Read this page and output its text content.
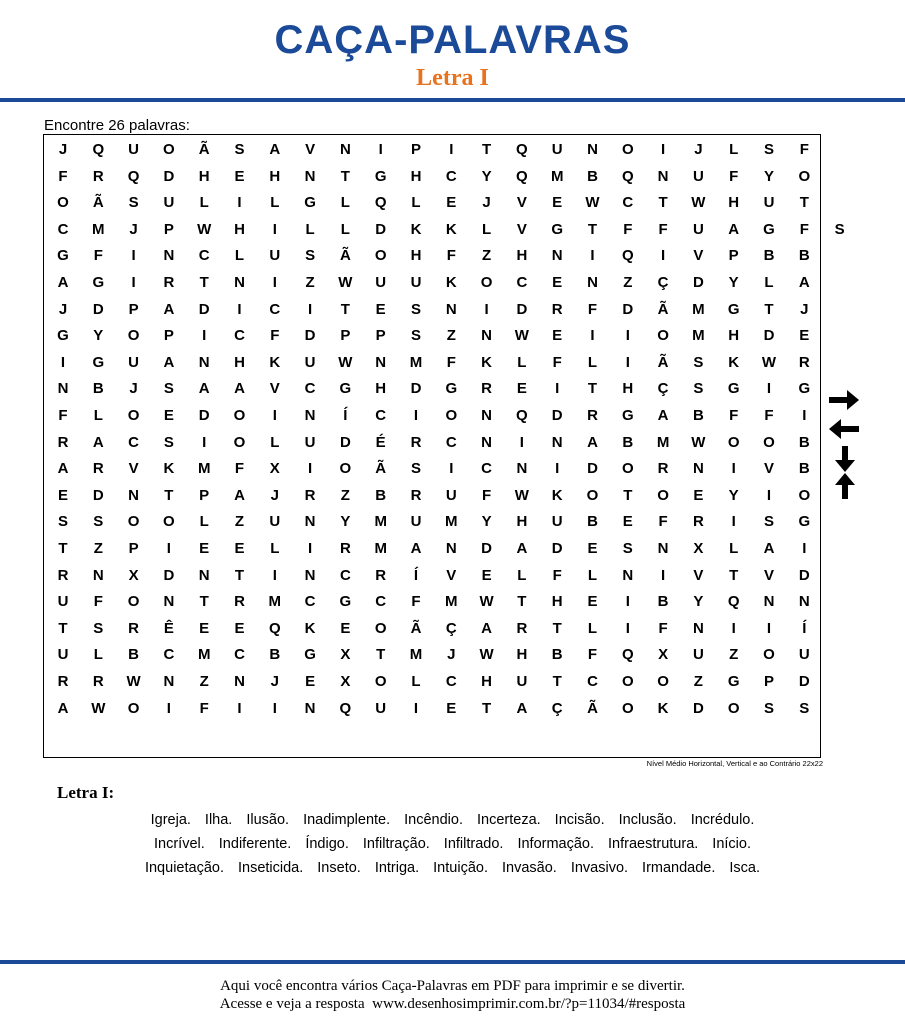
CAÇA-PALAVRAS
Letra I
Encontre 26 palavras:
J	Q	U	O	Ã	S	A	V	N	I	P	I	T	Q	U	N	O	I	J	L	S	F
F	R	Q	D	H	E	H	N	T	G	H	C	Y	Q	M	B	Q	N	U	F	Y	O
O	Ã	S	U	L	I	L	G	L	Q	L	E	J	V	E	W	C	T	W	H	U	T
C	M	J	P	W	H	I	L	L	D	K	K	L	V	G	T	F	F	U	A	G	F	S
G	F	I	N	C	L	U	S	Ã	O	H	F	Z	H	N	I	Q	I	V	P	B	B
A	G	I	R	T	N	I	Z	W	U	U	K	O	C	E	N	Z	Ç	D	Y	L	A
J	D	P	A	D	I	C	I	T	E	S	N	I	D	R	F	D	Ã	M	G	T	J
G	Y	O	P	I	C	F	D	P	P	S	Z	N	W	E	I	I	O	M	H	D	E
I	G	U	A	N	H	K	U	W	N	M	F	K	L	F	L	I	Ã	S	K	W	R
N	B	J	S	A	A	V	C	G	H	D	G	R	E	I	T	H	Ç	S	G	I	G
F	L	O	E	D	O	I	N	Í	C	I	O	N	Q	D	R	G	A	B	F	F	I
R	A	C	S	I	O	L	U	D	É	R	C	N	I	N	A	B	M	W	O	O	B
A	R	V	K	M	F	X	I	O	Ã	S	I	C	N	I	D	O	R	N	I	V	B
E	D	N	T	P	A	J	R	Z	B	R	U	F	W	K	O	T	O	E	Y	I	O
S	S	O	O	L	Z	U	N	Y	M	U	M	Y	H	U	B	E	F	R	I	S	G
T	Z	P	I	E	E	L	I	R	M	A	N	D	A	D	E	S	N	X	L	A	I
R	N	X	D	N	T	I	N	C	R	Í	V	E	L	F	L	N	I	V	T	V	D
U	F	O	N	T	R	M	C	G	C	F	M	W	T	H	E	I	B	Y	Q	N	N
T	S	R	Ê	E	E	Q	K	E	O	Ã	Ç	A	R	T	L	I	F	N	I	I	Í
U	L	B	C	M	C	B	G	X	T	M	J	W	H	B	F	Q	X	U	Z	O	U
R	R	W	N	Z	N	J	E	X	O	L	C	H	U	T	C	O	O	Z	G	P	D
A	W	O	I	F	I	I	N	Q	U	I	E	T	A	Ç	Ã	O	K	D	O	S	S
Nível Médio Horizontal, Vertical e ao Contrário 22x22
Letra I:
Igreja. Ilha. Ilusão. Inadimplente. Incêndio. Incerteza. Incisão. Inclusão. Incrédulo.
Incrível. Indiferente. Índigo. Infiltração. Infiltrado. Informação. Infraestrutura. Início.
Inquietação. Inseticida. Inseto. Intriga. Intuição. Invasão. Invasivo. Irmandade. Isca.
Aqui você encontra vários Caça-Palavras em PDF para imprimir e se divertir.
Acesse e veja a resposta  www.desenhosimprimir.com.br/?p=11034/#resposta
